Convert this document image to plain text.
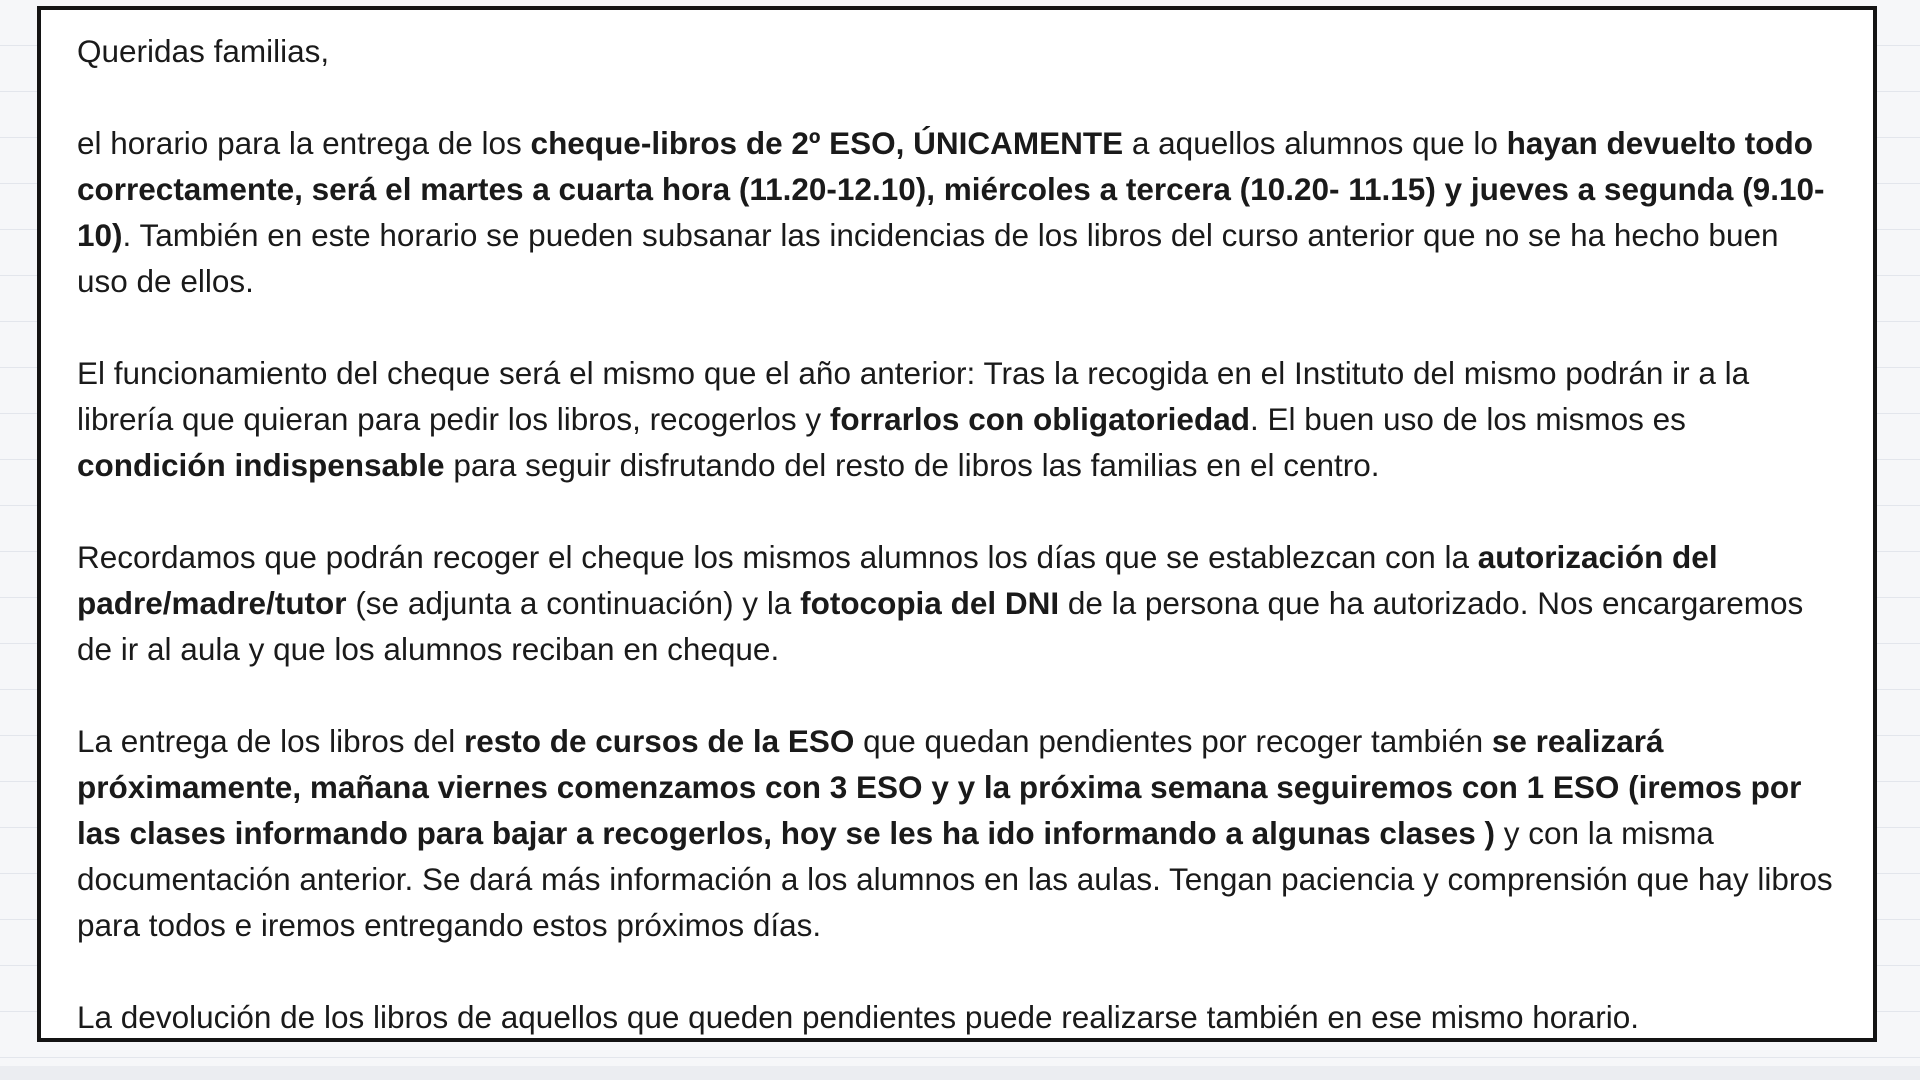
Queridas familias,

el horario para la entrega de los cheque-libros de 2º ESO, ÚNICAMENTE a aquellos alumnos que lo hayan devuelto todo correctamente, será el martes a cuarta hora (11.20-12.10), miércoles a tercera (10.20- 11.15) y jueves a segunda (9.10-10). También en este horario se pueden subsanar las incidencias de los libros del curso anterior que no se ha hecho buen uso de ellos.

El funcionamiento del cheque será el mismo que el año anterior: Tras la recogida en el Instituto del mismo podrán ir a la librería que quieran para pedir los libros, recogerlos y forrarlos con obligatoriedad. El buen uso de los mismos es condición indispensable para seguir disfrutando del resto de libros las familias en el centro.

Recordamos que podrán recoger el cheque los mismos alumnos los días que se establezcan con la autorización del padre/madre/tutor (se adjunta a continuación) y la fotocopia del DNI de la persona que ha autorizado. Nos encargaremos de ir al aula y que los alumnos reciban en cheque.

La entrega de los libros del resto de cursos de la ESO que quedan pendientes por recoger también se realizará próximamente, mañana viernes comenzamos con 3 ESO y y la próxima semana seguiremos con 1 ESO (iremos por las clases informando para bajar a recogerlos, hoy se les ha ido informando a algunas clases ) y con la misma documentación anterior. Se dará más información a los alumnos en las aulas. Tengan paciencia y comprensión que hay libros para todos e iremos entregando estos próximos días.

La devolución de los libros de aquellos que queden pendientes puede realizarse también en ese mismo horario.
